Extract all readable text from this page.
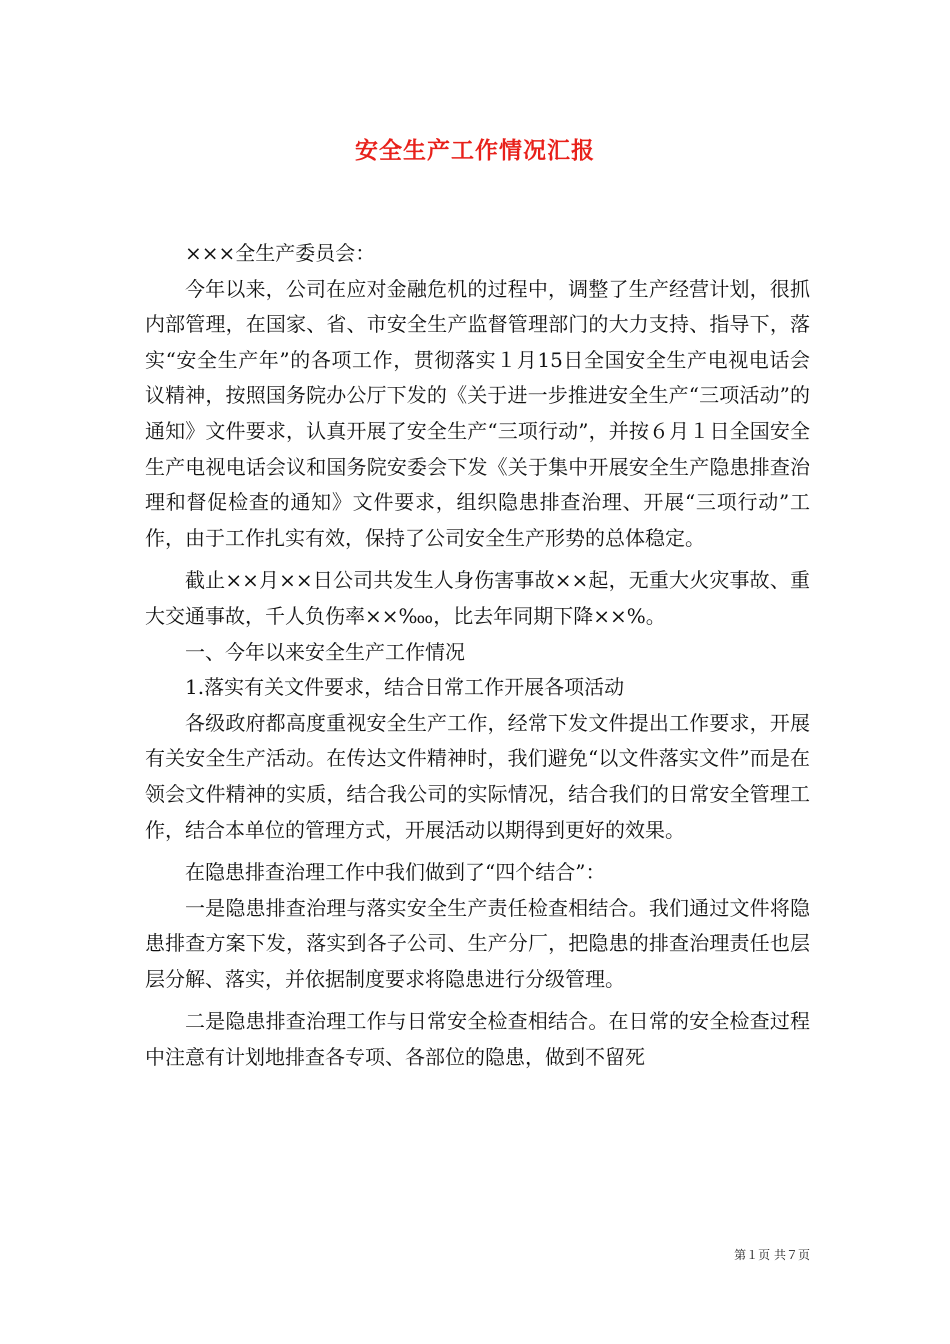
安全生产工作情况汇报

×××全生产委员会：

今年以来，公司在应对金融危机的过程中，调整了生产经营计划，很抓内部管理，在国家、省、市安全生产监督管理部门的大力支持、指导下，落实“安全生产年”的各项工作，贯彻落实１月15日全国安全生产电视电话会议精神，按照国务院办公厅下发的《关于进一步推进安全生产“三项活动”的通知》文件要求，认真开展了安全生产“三项行动”，并按６月１日全国安全生产电视电话会议和国务院安委会下发《关于集中开展安全生产隐患排查治理和督促检查的通知》文件要求，组织隐患排查治理、开展“三项行动”工作，由于工作扎实有效，保持了公司安全生产形势的总体稳定。

截止××月××日公司共发生人身伤害事故××起，无重大火灾事故、重大交通事故，千人负伤率××‱，比去年同期下降××%。

一、今年以来安全生产工作情况

1.落实有关文件要求，结合日常工作开展各项活动

各级政府都高度重视安全生产工作，经常下发文件提出工作要求，开展有关安全生产活动。在传达文件精神时，我们避免“以文件落实文件”而是在领会文件精神的实质，结合我公司的实际情况，结合我们的日常安全管理工作，结合本单位的管理方式，开展活动以期得到更好的效果。

在隐患排查治理工作中我们做到了“四个结合”：

一是隐患排查治理与落实安全生产责任检查相结合。我们通过文件将隐患排查方案下发，落实到各子公司、生产分厂，把隐患的排查治理责任也层层分解、落实，并依据制度要求将隐患进行分级管理。

二是隐患排查治理工作与日常安全检查相结合。在日常的安全检查过程中注意有计划地排查各专项、各部位的隐患，做到不留死

第１页 共７页
